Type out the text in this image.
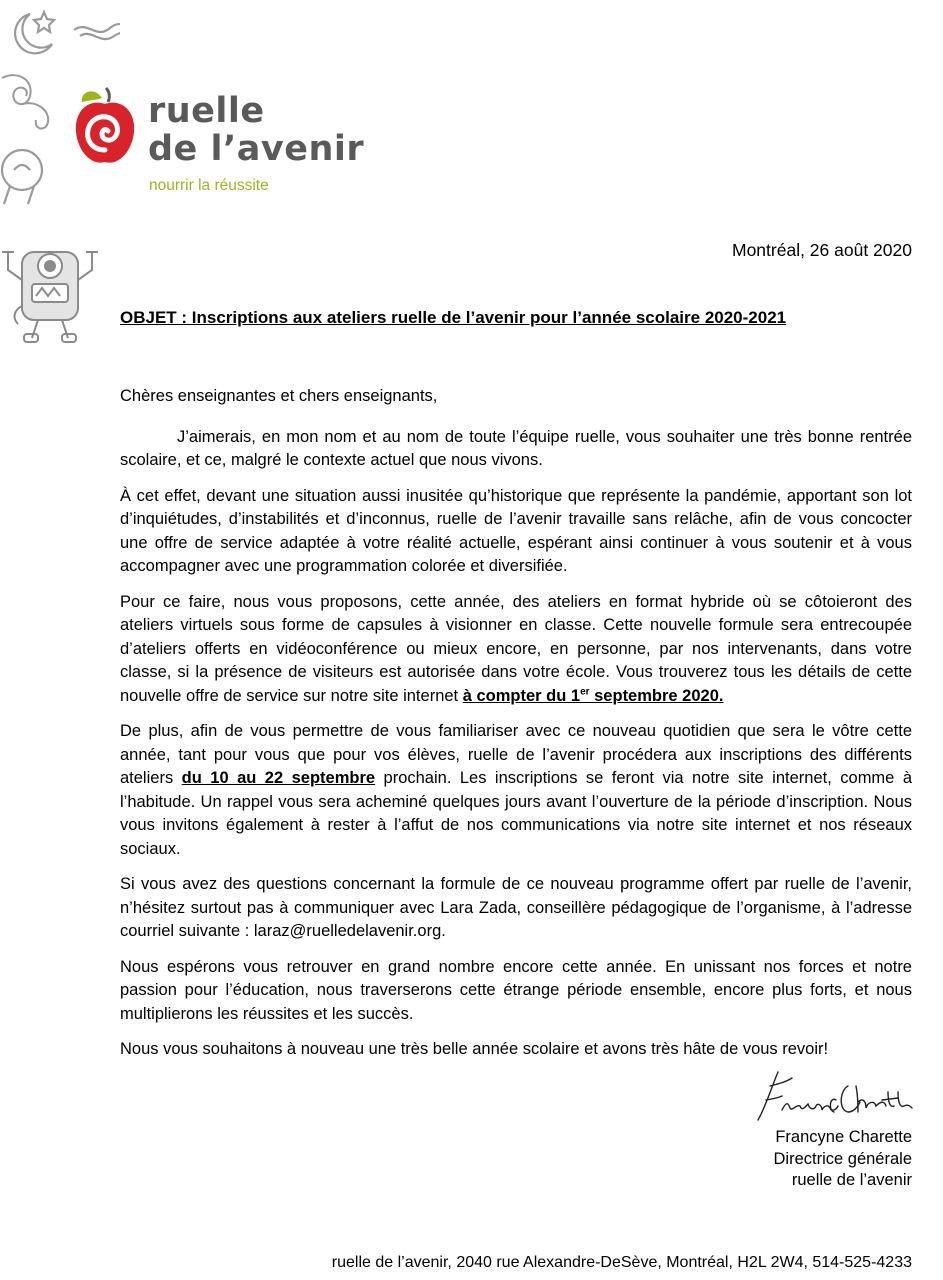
ruelle
de l’avenir
nourrir la réussite
Montréal, 26 août 2020
OBJET : Inscriptions aux ateliers ruelle de l’avenir pour l’année scolaire 2020-2021

Chères enseignantes et chers enseignants,

J’aimerais, en mon nom et au nom de toute l’équipe ruelle, vous souhaiter une très bonne rentrée scolaire, et ce, malgré le contexte actuel que nous vivons.

À cet effet, devant une situation aussi inusitée qu’historique que représente la pandémie, apportant son lot d’inquiétudes, d’instabilités et d’inconnus, ruelle de l’avenir travaille sans relâche, afin de vous concocter une offre de service adaptée à votre réalité actuelle, espérant ainsi continuer à vous soutenir et à vous accompagner avec une programmation colorée et diversifiée.

Pour ce faire, nous vous proposons, cette année, des ateliers en format hybride où se côtoieront des ateliers virtuels sous forme de capsules à visionner en classe. Cette nouvelle formule sera entrecoupée d’ateliers offerts en vidéoconférence ou mieux encore, en personne, par nos intervenants, dans votre classe, si la présence de visiteurs est autorisée dans votre école. Vous trouverez tous les détails de cette nouvelle offre de service sur notre site internet à compter du 1er septembre 2020.

De plus, afin de vous permettre de vous familiariser avec ce nouveau quotidien que sera le vôtre cette année, tant pour vous que pour vos élèves, ruelle de l’avenir procédera aux inscriptions des différents ateliers du 10 au 22 septembre prochain. Les inscriptions se feront via notre site internet, comme à l’habitude. Un rappel vous sera acheminé quelques jours avant l’ouverture de la période d’inscription. Nous vous invitons également à rester à l’affut de nos communications via notre site internet et nos réseaux sociaux.

Si vous avez des questions concernant la formule de ce nouveau programme offert par ruelle de l’avenir, n’hésitez surtout pas à communiquer avec Lara Zada, conseillère pédagogique de l’organisme, à l’adresse courriel suivante : laraz@ruelledelavenir.org.

Nous espérons vous retrouver en grand nombre encore cette année. En unissant nos forces et notre passion pour l’éducation, nous traverserons cette étrange période ensemble, encore plus forts, et nous multiplierons les réussites et les succès.

Nous vous souhaitons à nouveau une très belle année scolaire et avons très hâte de vous revoir!

Francyne Charette
Directrice générale
ruelle de l’avenir
ruelle de l’avenir, 2040 rue Alexandre-DeSève, Montréal, H2L 2W4, 514-525-4233
